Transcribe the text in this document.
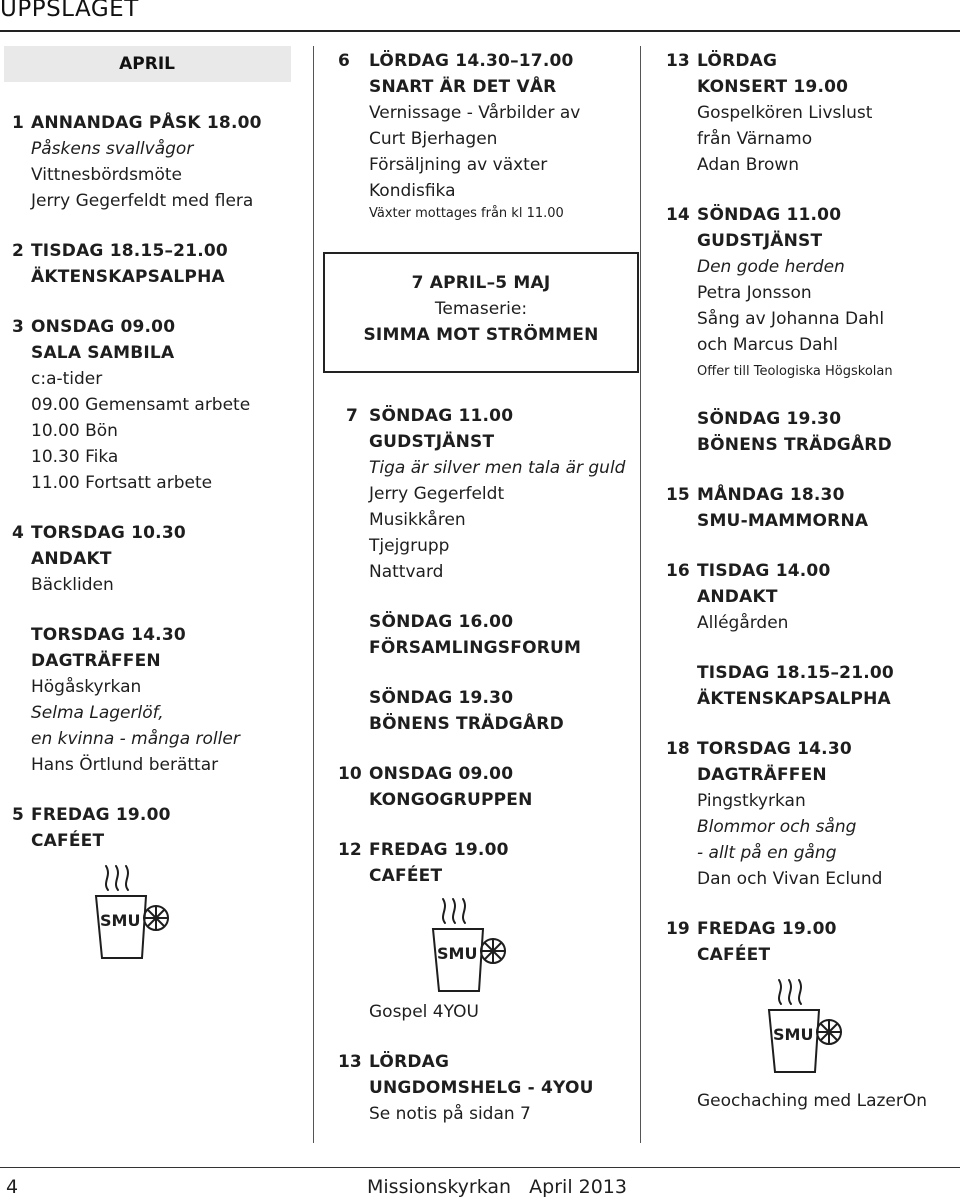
UPPSLAGET
APRIL
1 ANNANDAG PÅSK 18.00
Påskens svallvågor
Vittnesbördsmöte
Jerry Gegerfeldt med flera
2 TISDAG 18.15–21.00
ÄKTENSKAPSALPHA
3 ONSDAG 09.00
SALA SAMBILA
c:a-tider
09.00 Gemensamt arbete
10.00 Bön
10.30 Fika
11.00 Fortsatt arbete
4 TORSDAG 10.30
ANDAKT
Bäckliden
TORSDAG 14.30
DAGTRÄFFEN
Högåskyrkan
Selma Lagerlöf,
en kvinna - många roller
Hans Örtlund berättar
5 FREDAG 19.00
CAFÉET
SMU
6 LÖRDAG 14.30–17.00
SNART ÄR DET VÅR
Vernissage - Vårbilder av
Curt Bjerhagen
Försäljning av växter
Kondisfika
Växter mottages från kl 11.00
7 APRIL–5 MAJ
Temaserie:
SIMMA MOT STRÖMMEN
7 SÖNDAG 11.00
GUDSTJÄNST
Tiga är silver men tala är guld
Jerry Gegerfeldt
Musikkåren
Tjejgrupp
Nattvard
SÖNDAG 16.00
FÖRSAMLINGSFORUM
SÖNDAG 19.30
BÖNENS TRÄDGÅRD
10 ONSDAG 09.00
KONGOGRUPPEN
12 FREDAG 19.00
CAFÉET
SMU
Gospel 4YOU
13 LÖRDAG
UNGDOMSHELG - 4YOU
Se notis på sidan 7
13 LÖRDAG
KONSERT 19.00
Gospelkören Livslust
från Värnamo
Adan Brown
14 SÖNDAG 11.00
GUDSTJÄNST
Den gode herden
Petra Jonsson
Sång av Johanna Dahl
och Marcus Dahl
Offer till Teologiska Högskolan
SÖNDAG 19.30
BÖNENS TRÄDGÅRD
15 MÅNDAG 18.30
SMU-MAMMORNA
16 TISDAG 14.00
ANDAKT
Allégården
TISDAG 18.15–21.00
ÄKTENSKAPSALPHA
18 TORSDAG 14.30
DAGTRÄFFEN
Pingstkyrkan
Blommor och sång
- allt på en gång
Dan och Vivan Eclund
19 FREDAG 19.00
CAFÉET
SMU
Geochaching med LazerOn
4	Missionskyrkan   April 2013
